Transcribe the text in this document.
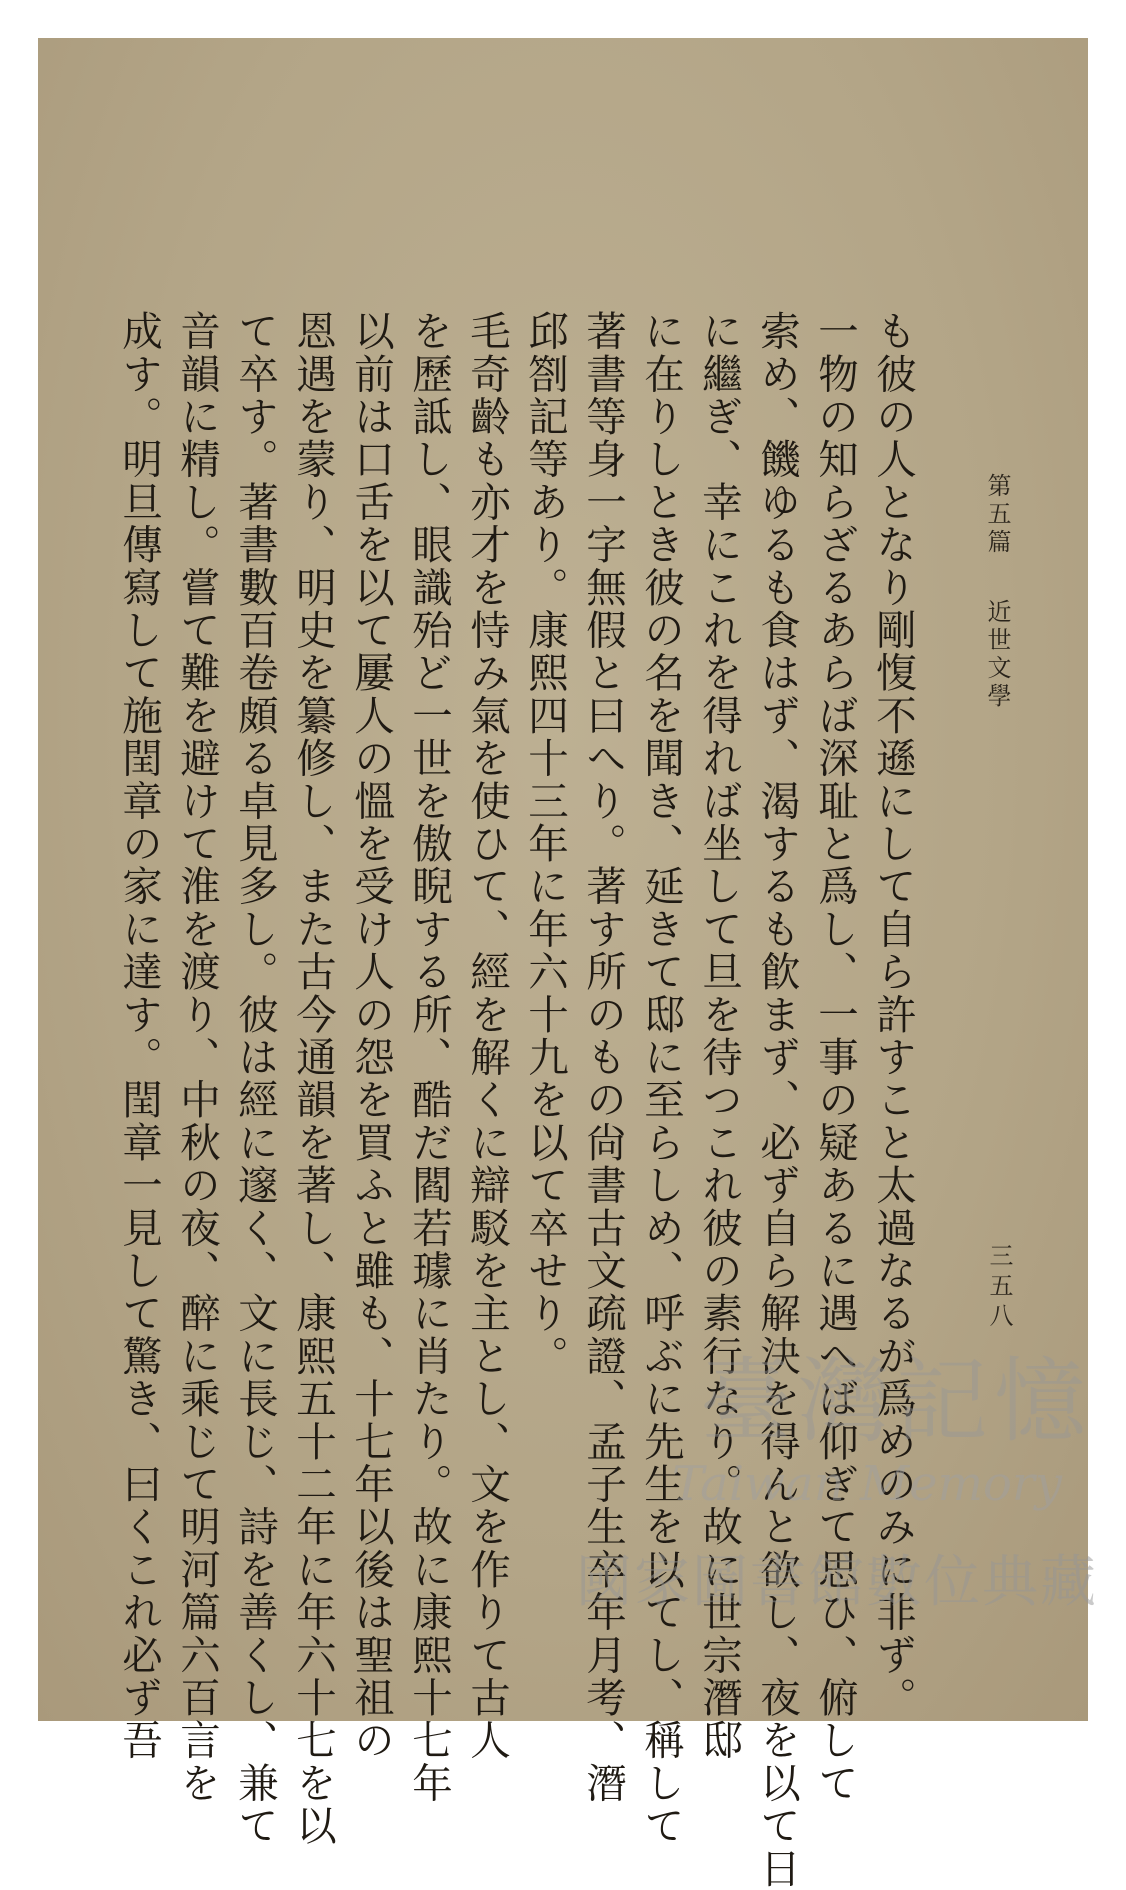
第五篇 近世文學
三五八
も彼の人となり剛愎不遜にして自ら許すこと太過なるが爲めのみに非ず。
一物の知らざるあらば深耻と爲し、一事の疑あるに遇へば仰ぎて思ひ、俯して
索め、饑ゆるも食はず、渴するも飮まず、必ず自ら解決を得んと欲し、夜を以て日
に繼ぎ、幸にこれを得れば坐して旦を待つこれ彼の素行なり。故に世宗潛邸
に在りしとき彼の名を聞き、延きて邸に至らしめ、呼ぶに先生を以てし、稱して
著書等身一字無假と曰へり。著す所のもの尙書古文疏證、孟子生卒年月考、潛
邱劄記等あり。康熙四十三年に年六十九を以て卒せり。
毛奇齡も亦才を恃み氣を使ひて、經を解くに辯駁を主とし、文を作りて古人
を歷詆し、眼識殆ど一世を傲睨する所、酷だ閻若璩に肖たり。故に康熙十七年
以前は口舌を以て屢人の慍を受け人の怨を買ふと雖も、十七年以後は聖祖の
恩遇を蒙り、明史を纂修し、また古今通韻を著し、康熙五十二年に年六十七を以
て卒す。著書數百卷頗る卓見多し。彼は經に邃く、文に長じ、詩を善くし、兼て
音韻に精し。嘗て難を避けて淮を渡り、中秋の夜、醉に乘じて明河篇六百言を
成す。明旦傳寫して施閏章の家に達す。閏章一見して驚き、曰くこれ必ず吾	臺灣記憶
Taiwan Memory
國家圖書館數位典藏
